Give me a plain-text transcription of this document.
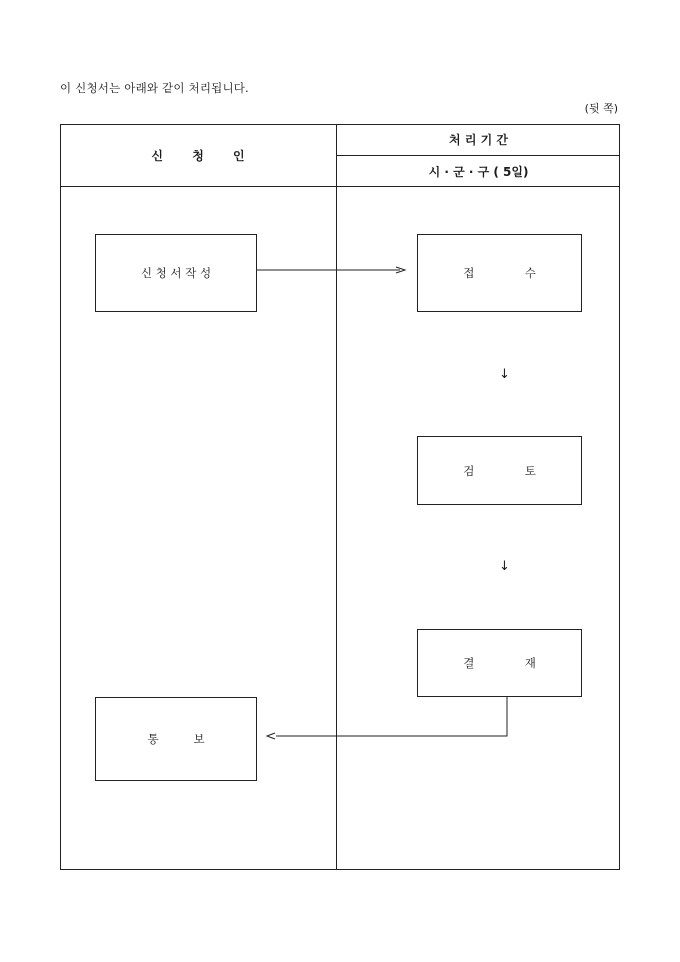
이 신청서는 아래와 같이 처리됩니다.
(뒷 쪽)
신       청       인
처 리 기 간
시 · 군 · 구 ( 5일)
신 청 서 작 성	접	수
검	토
결	재
통	보
↓
↓
